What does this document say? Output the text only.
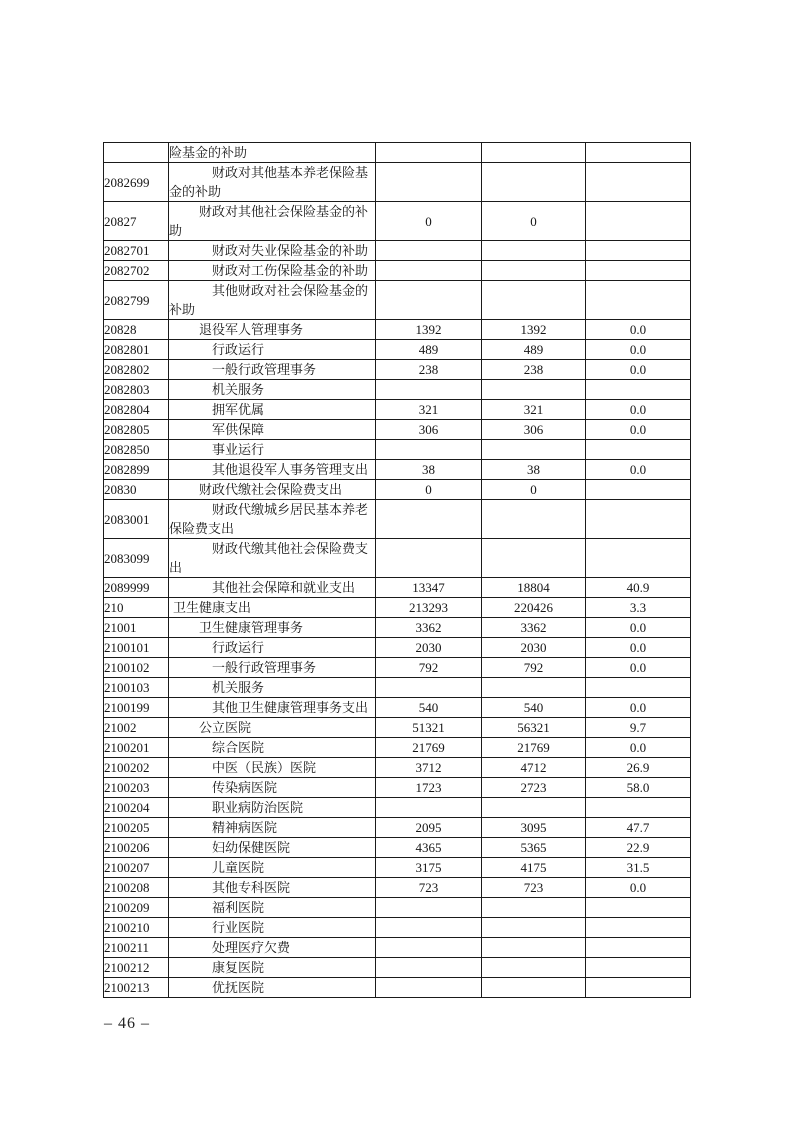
	险基金的补助			
2082699	财政对其他基本养老保险基金的补助			
20827	财政对其他社会保险基金的补助	0	0	
2082701	财政对失业保险基金的补助			
2082702	财政对工伤保险基金的补助			
2082799	其他财政对社会保险基金的补助			
20828	退役军人管理事务	1392	1392	0.0
2082801	行政运行	489	489	0.0
2082802	一般行政管理事务	238	238	0.0
2082803	机关服务			
2082804	拥军优属	321	321	0.0
2082805	军供保障	306	306	0.0
2082850	事业运行			
2082899	其他退役军人事务管理支出	38	38	0.0
20830	财政代缴社会保险费支出	0	0	
2083001	财政代缴城乡居民基本养老保险费支出			
2083099	财政代缴其他社会保险费支出			
2089999	其他社会保障和就业支出	13347	18804	40.9
210	卫生健康支出	213293	220426	3.3
21001	卫生健康管理事务	3362	3362	0.0
2100101	行政运行	2030	2030	0.0
2100102	一般行政管理事务	792	792	0.0
2100103	机关服务			
2100199	其他卫生健康管理事务支出	540	540	0.0
21002	公立医院	51321	56321	9.7
2100201	综合医院	21769	21769	0.0
2100202	中医（民族）医院	3712	4712	26.9
2100203	传染病医院	1723	2723	58.0
2100204	职业病防治医院			
2100205	精神病医院	2095	3095	47.7
2100206	妇幼保健医院	4365	5365	22.9
2100207	儿童医院	3175	4175	31.5
2100208	其他专科医院	723	723	0.0
2100209	福利医院			
2100210	行业医院			
2100211	处理医疗欠费			
2100212	康复医院			
2100213	优抚医院			
– 46 –
